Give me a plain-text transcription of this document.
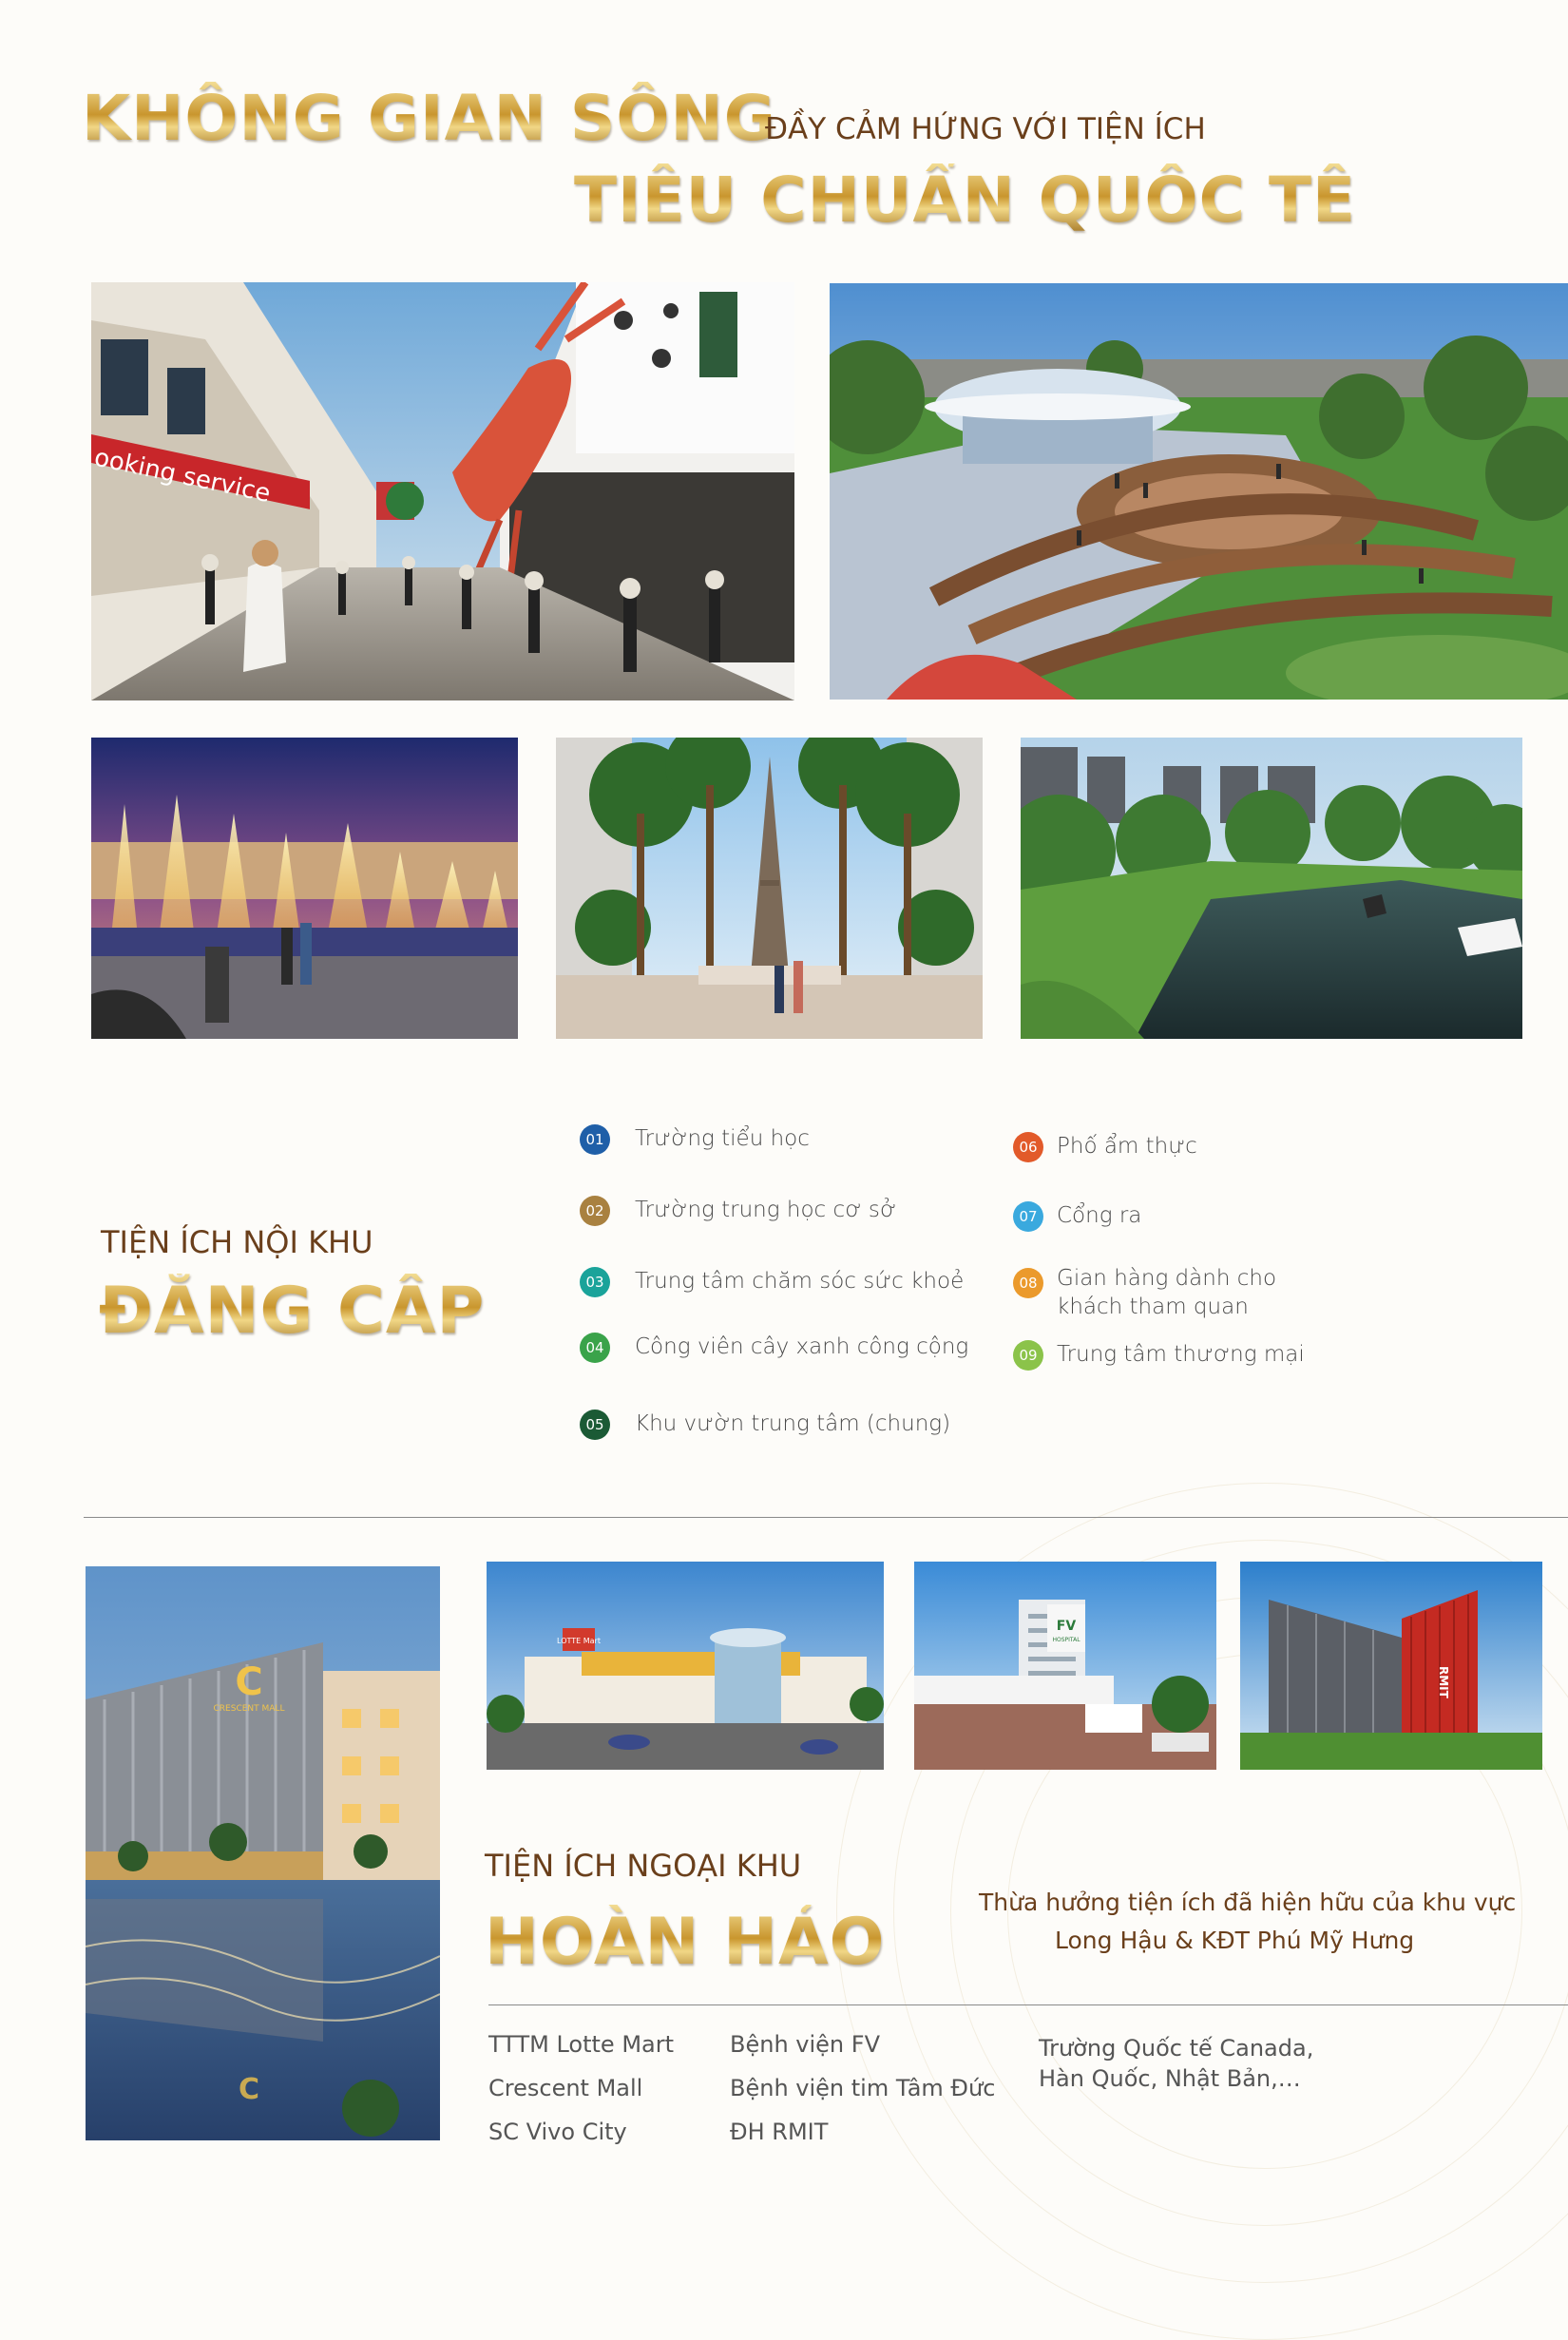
KHÔNG GIAN SỐNG
ĐẦY CẢM HỨNG VỚI TIỆN ÍCH
TIÊU CHUẨN QUỐC TẾ
ooking service
TIỆN ÍCH NỘI KHU
ĐẲNG CẤP
01 Trường tiểu học
02 Trường trung học cơ sở
03 Trung tâm chăm sóc sức khoẻ
04 Công viên cây xanh công cộng
05 Khu vườn trung tâm (chung)
06 Phố ẩm thực
07 Cổng ra
08 Gian hàng dành cho khách tham quan
09 Trung tâm thương mại
C
CRESCENT MALL
C
LOTTE Mart
FV
HOSPITAL
RMIT
TIỆN ÍCH NGOẠI KHU
HOÀN HẢO
Thừa hưởng tiện ích đã hiện hữu của khu vực
Long Hậu & KĐT Phú Mỹ Hưng
TTTM Lotte Mart
Crescent Mall
SC Vivo City
Bệnh viện FV
Bệnh viện tim Tâm Đức
ĐH RMIT
Trường Quốc tế Canada,
Hàn Quốc, Nhật Bản,…
